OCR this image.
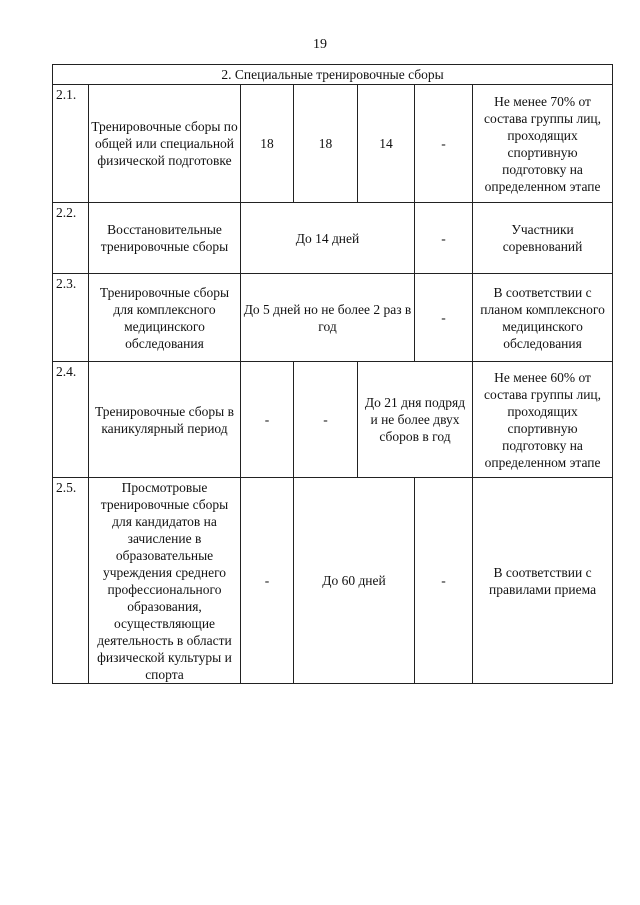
19
2. Специальные тренировочные сборы						
2.1.	Тренировочные сборы по общей или специальной физической подготовке	18	18	14	-	Не менее 70% от состава группы лиц, проходящих спортивную подготовку на определенном этапе
2.2.	Восстановительные тренировочные сборы	До 14 дней			-	Участники соревнований
2.3.	Тренировочные сборы для комплексного медицинского обследования	До 5 дней но не более 2 раз в год			-	В соответствии с планом комплексного медицинского обследования
2.4.	Тренировочные сборы в каникулярный период	-	-	До 21 дня подряд и не более двух сборов в год		Не менее 60% от состава группы лиц, проходящих спортивную подготовку на определенном этапе
2.5.	Просмотровые тренировочные сборы для кандидатов на зачисление в образовательные учреждения среднего профессионального образования, осуществляющие деятельность в области физической культуры и спорта	-	До 60 дней		-	В соответствии с правилами приема
